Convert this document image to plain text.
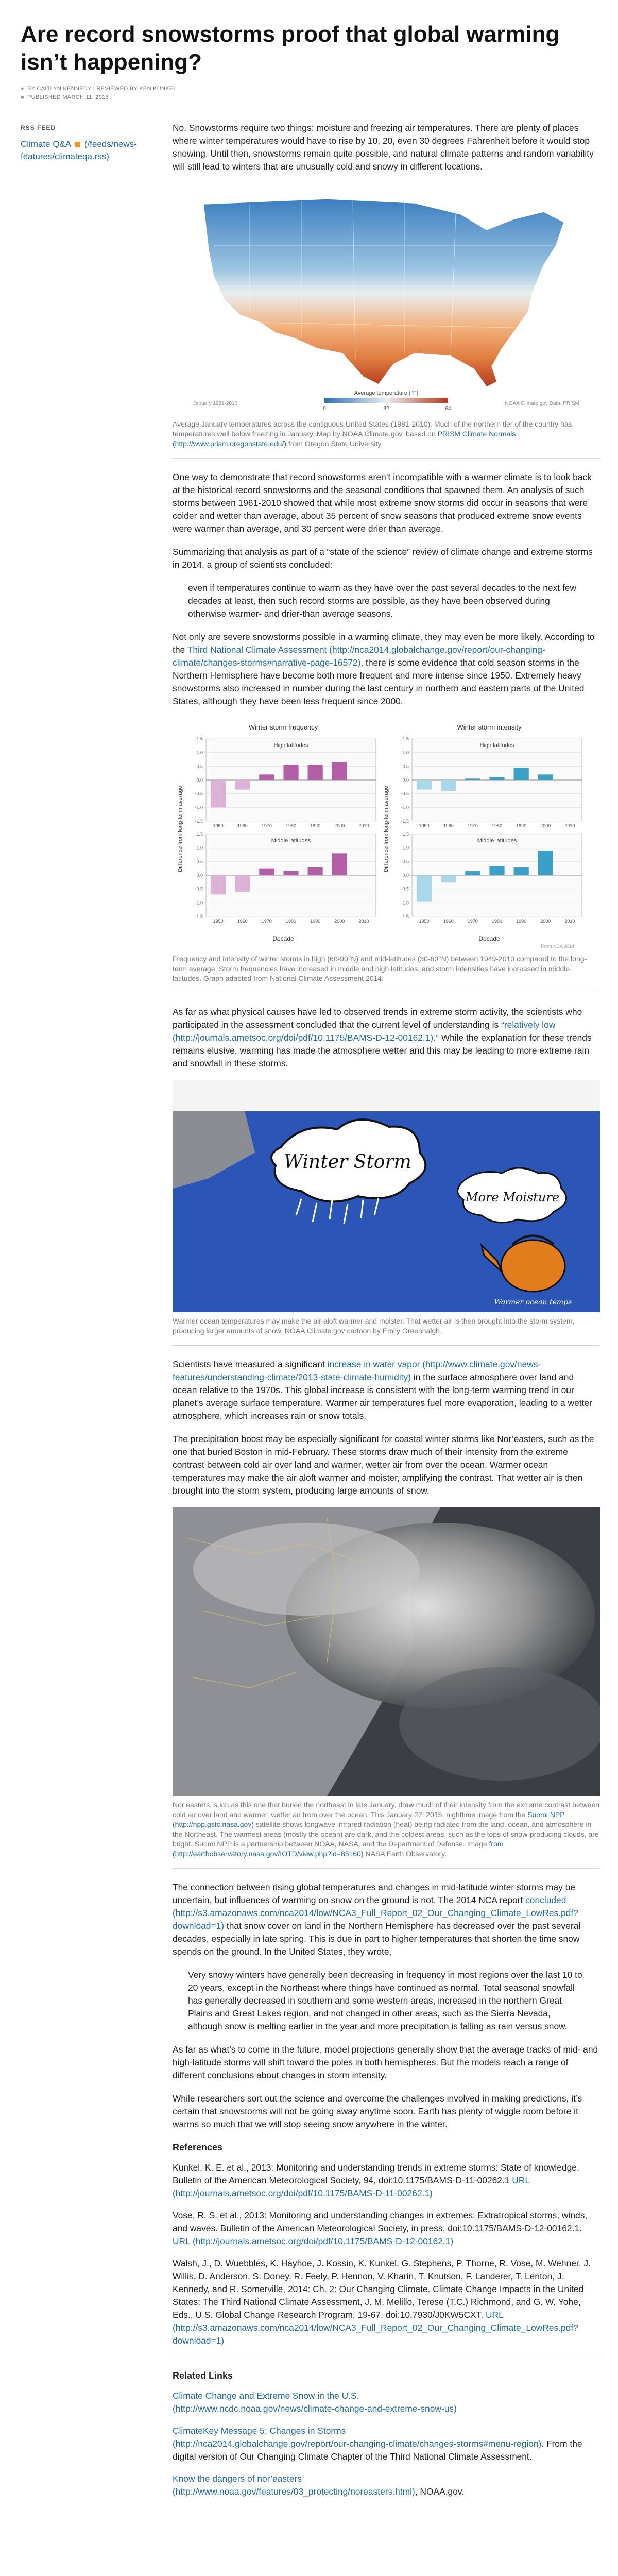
Are record snowstorms proof that global warming isn’t happening?
● BY CAITLYN KENNEDY | REVIEWED BY KEN KUNKEL
■ PUBLISHED MARCH 11, 2015
RSS FEED
Climate Q&A (/feeds/news-features/climateqa.rss)

No. Snowstorms require two things: moisture and freezing air temperatures. There are plenty of places where winter temperatures would have to rise by 10, 20, even 30 degrees Fahrenheit before it would stop snowing. Until then, snowstorms remain quite possible, and natural climate patterns and random variability will still lead to winters that are unusually cold and snowy in different locations.

January 1981-2010	NOAA Climate.gov Data: PRISM
Average temperature (°F)
0	32	64
Average January temperatures across the contiguous United States (1981-2010). Much of the northern tier of the country has temperatures well below freezing in January. Map by NOAA Climate.gov, based on PRISM Climate Normals (http://www.prism.oregonstate.edu/) from Oregon State University.

One way to demonstrate that record snowstorms aren’t incompatible with a warmer climate is to look back at the historical record snowstorms and the seasonal conditions that spawned them. An analysis of such storms between 1961-2010 showed that while most extreme snow storms did occur in seasons that were colder and wetter than average, about 35 percent of snow seasons that produced extreme snow events were warmer than average, and 30 percent were drier than average.

Summarizing that analysis as part of a “state of the science” review of climate change and extreme storms in 2014, a group of scientists concluded:

even if temperatures continue to warm as they have over the past several decades to the next few decades at least, then such record storms are possible, as they have been observed during otherwise warmer- and drier-than average seasons.

Not only are severe snowstorms possible in a warming climate, they may even be more likely. According to the Third National Climate Assessment (http://nca2014.globalchange.gov/report/our-changing-climate/changes-storms#narrative-page-16572), there is some evidence that cold season storms in the Northern Hemisphere have become both more frequent and more intense since 1950. Extremely heavy snowstorms also increased in number during the last century in northern and eastern parts of the United States, although they have been less frequent since 2000.

Winter storm frequency	Winter storm intensity
From NCA 2014
Decade	Decade
Difference from long-term average	Difference from long-term average
High latitudes
-1.5
-1.0
-0.5
0.0
0.5
1.0
1.5
1950	1960	1970	1980	1990	2000	2010
High latitudes
-1.5
-1.0
-0.5
0.0
0.5
1.0
1.5
1950	1960	1970	1980	1990	2000	2010
Middle latitudes
-1.5
-1.0
-0.5
0.0
0.5
1.0
1.5
1950	1960	1970	1980	1990	2000	2010
Middle latitudes
-1.5
-1.0
-0.5
0.0
0.5
1.0
1.5
1950	1960	1970	1980	1990	2000	2010
Frequency and intensity of winter storms in high (60-90°N) and mid-latitudes (30-60°N) between 1949-2010 compared to the long-term average. Storm frequencies have increased in middle and high latitudes, and storm intensities have increased in middle latitudes. Graph adapted from National Climate Assessment 2014.

As far as what physical causes have led to observed trends in extreme storm activity, the scientists who participated in the assessment concluded that the current level of understanding is “relatively low (http://journals.ametsoc.org/doi/pdf/10.1175/BAMS-D-12-00162.1).” While the explanation for these trends remains elusive, warming has made the atmosphere wetter and this may be leading to more extreme rain and snowfall in these storms.

Winter Storm
More Moisture
Warmer ocean temps
Warmer ocean temperatures may make the air aloft warmer and moister. That wetter air is then brought into the storm system, producing larger amounts of snow. NOAA Climate.gov cartoon by Emily Greenhalgh.

Scientists have measured a significant increase in water vapor (http://www.climate.gov/news-features/understanding-climate/2013-state-climate-humidity) in the surface atmosphere over land and ocean relative to the 1970s. This global increase is consistent with the long-term warming trend in our planet’s average surface temperature. Warmer air temperatures fuel more evaporation, leading to a wetter atmosphere, which increases rain or snow totals.

The precipitation boost may be especially significant for coastal winter storms like Nor’easters, such as the one that buried Boston in mid-February. These storms draw much of their intensity from the extreme contrast between cold air over land and warmer, wetter air from over the ocean. Warmer ocean temperatures may make the air aloft warmer and moister, amplifying the contrast. That wetter air is then brought into the storm system, producing large amounts of snow.

Nor’easters, such as this one that buried the northeast in late January, draw much of their intensity from the extreme contrast between cold air over land and warmer, wetter air from over the ocean. This January 27, 2015, nighttime image from the Suomi NPP (http://npp.gsfc.nasa.gov) satellite shows longwave infrared radiation (heat) being radiated from the land, ocean, and atmosphere in the Northeast. The warmest areas (mostly the ocean) are dark, and the coldest areas, such as the tops of snow-producing clouds, are bright. Suomi NPP is a partnership between NOAA, NASA, and the Department of Defense. Image from (http://earthobservatory.nasa.gov/IOTD/view.php?id=85160) NASA Earth Observatory.

The connection between rising global temperatures and changes in mid-latitude winter storms may be uncertain, but influences of warming on snow on the ground is not. The 2014 NCA report concluded (http://s3.amazonaws.com/nca2014/low/NCA3_Full_Report_02_Our_Changing_Climate_LowRes.pdf?download=1) that snow cover on land in the Northern Hemisphere has decreased over the past several decades, especially in late spring. This is due in part to higher temperatures that shorten the time snow spends on the ground. In the United States, they wrote,

Very snowy winters have generally been decreasing in frequency in most regions over the last 10 to 20 years, except in the Northeast where things have continued as normal. Total seasonal snowfall has generally decreased in southern and some western areas, increased in the northern Great Plains and Great Lakes region, and not changed in other areas, such as the Sierra Nevada, although snow is melting earlier in the year and more precipitation is falling as rain versus snow.

As far as what’s to come in the future, model projections generally show that the average tracks of mid- and high-latitude storms will shift toward the poles in both hemispheres. But the models reach a range of different conclusions about changes in storm intensity.

While researchers sort out the science and overcome the challenges involved in making predictions, it’s certain that snowstorms will not be going away anytime soon. Earth has plenty of wiggle room before it warms so much that we will stop seeing snow anywhere in the winter.

References

Kunkel, K. E. et al., 2013: Monitoring and understanding trends in extreme storms: State of knowledge. Bulletin of the American Meteorological Society, 94, doi:10.1175/BAMS-D-11-00262.1 URL (http://journals.ametsoc.org/doi/pdf/10.1175/BAMS-D-11-00262.1)

Vose, R. S. et al., 2013: Monitoring and understanding changes in extremes: Extratropical storms, winds, and waves. Bulletin of the American Meteorological Society, in press, doi:10.1175/BAMS-D-12-00162.1. URL (http://journals.ametsoc.org/doi/pdf/10.1175/BAMS-D-12-00162.1)

Walsh, J., D. Wuebbles, K. Hayhoe, J. Kossin, K. Kunkel, G. Stephens, P. Thorne, R. Vose, M. Wehner, J. Willis, D. Anderson, S. Doney, R. Feely, P. Hennon, V. Kharin, T. Knutson, F. Landerer, T. Lenton, J. Kennedy, and R. Somerville, 2014: Ch. 2: Our Changing Climate. Climate Change Impacts in the United States: The Third National Climate Assessment, J. M. Melillo, Terese (T.C.) Richmond, and G. W. Yohe, Eds., U.S. Global Change Research Program, 19-67. doi:10.7930/J0KW5CXT. URL (http://s3.amazonaws.com/nca2014/low/NCA3_Full_Report_02_Our_Changing_Climate_LowRes.pdf?download=1)

Related Links

Climate Change and Extreme Snow in the U.S.
(http://www.ncdc.noaa.gov/news/climate-change-and-extreme-snow-us)

ClimateKey Message 5: Changes in Storms
(http://nca2014.globalchange.gov/report/our-changing-climate/changes-storms#menu-region). From the digital version of Our Changing Climate Chapter of the Third National Climate Assessment.

Know the dangers of nor’easters
(http://www.noaa.gov/features/03_protecting/noreasters.html), NOAA.gov.
